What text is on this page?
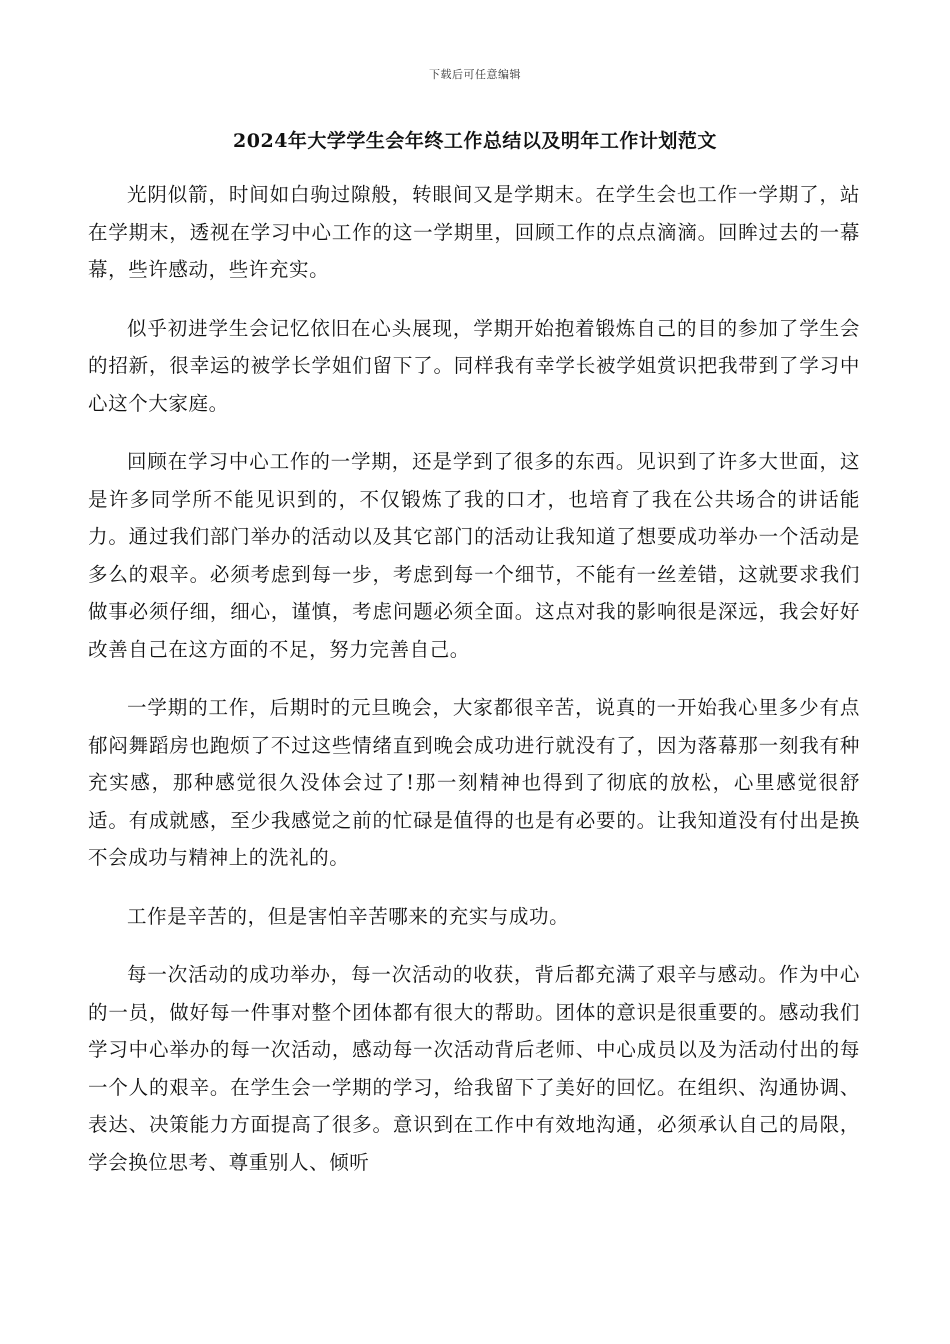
下载后可任意编辑
2024年大学学生会年终工作总结以及明年工作计划范文

光阴似箭，时间如白驹过隙般，转眼间又是学期末。在学生会也工作一学期了，站在学期末，透视在学习中心工作的这一学期里，回顾工作的点点滴滴。回眸过去的一幕幕，些许感动，些许充实。

似乎初进学生会记忆依旧在心头展现，学期开始抱着锻炼自己的目的参加了学生会的招新，很幸运的被学长学姐们留下了。同样我有幸学长被学姐赏识把我带到了学习中心这个大家庭。

回顾在学习中心工作的一学期，还是学到了很多的东西。见识到了许多大世面，这是许多同学所不能见识到的，不仅锻炼了我的口才，也培育了我在公共场合的讲话能力。通过我们部门举办的活动以及其它部门的活动让我知道了想要成功举办一个活动是多么的艰辛。必须考虑到每一步，考虑到每一个细节，不能有一丝差错，这就要求我们做事必须仔细，细心，谨慎，考虑问题必须全面。这点对我的影响很是深远，我会好好改善自己在这方面的不足，努力完善自己。

一学期的工作，后期时的元旦晚会，大家都很辛苦，说真的一开始我心里多少有点郁闷舞蹈房也跑烦了不过这些情绪直到晚会成功进行就没有了，因为落幕那一刻我有种充实感，那种感觉很久没体会过了!那一刻精神也得到了彻底的放松，心里感觉很舒适。有成就感，至少我感觉之前的忙碌是值得的也是有必要的。让我知道没有付出是换不会成功与精神上的洗礼的。

工作是辛苦的，但是害怕辛苦哪来的充实与成功。

每一次活动的成功举办，每一次活动的收获，背后都充满了艰辛与感动。作为中心的一员，做好每一件事对整个团体都有很大的帮助。团体的意识是很重要的。感动我们学习中心举办的每一次活动，感动每一次活动背后老师、中心成员以及为活动付出的每一个人的艰辛。在学生会一学期的学习，给我留下了美好的回忆。在组织、沟通协调、表达、决策能力方面提高了很多。意识到在工作中有效地沟通，必须承认自己的局限，学会换位思考、尊重别人、倾听
